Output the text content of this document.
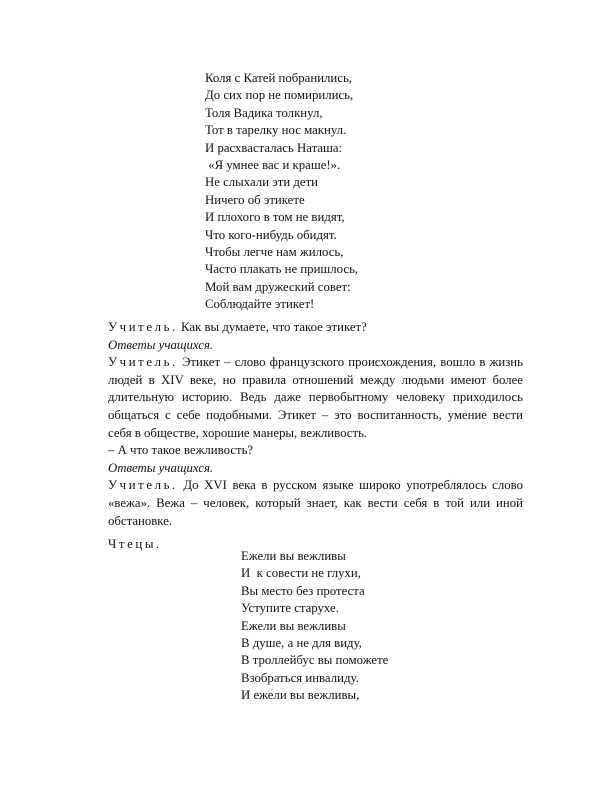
Коля с Катей побранились,
До сих пор не помирились,
Толя Вадика толкнул,
Тот в тарелку нос макнул.
И расхвасталась Наташа:
«Я умнее вас и краше!».
Не слыхали эти дети
Ничего об этикете
И плохого в том не видят,
Что кого-нибудь обидят.
Чтобы легче нам жилось,
Часто плакать не пришлось,
Мой вам дружеский совет:
Соблюдайте этикет!
Учитель. Как вы думаете, что такое этикет?
Ответы учащихся.
Учитель. Этикет – слово французского происхождения, вошло в жизнь людей в XIV веке, но правила отношений между людьми имеют более длительную историю. Ведь даже первобытному человеку приходилось общаться с себе подобными. Этикет – это воспитанность, умение вести себя в обществе, хорошие манеры, вежливость.
– А что такое вежливость?
Ответы учащихся.
Учитель. До XVI века в русском языке широко употреблялось слово «вежа». Вежа – человек, который знает, как вести себя в той или иной обстановке.
Чтецы.
Ежели вы вежливы
И  к совести не глухи,
Вы место без протеста
Уступите старухе.
Ежели вы вежливы
В душе, а не для виду,
В троллейбус вы поможете
Взобраться инвалиду.
И ежели вы вежливы,
